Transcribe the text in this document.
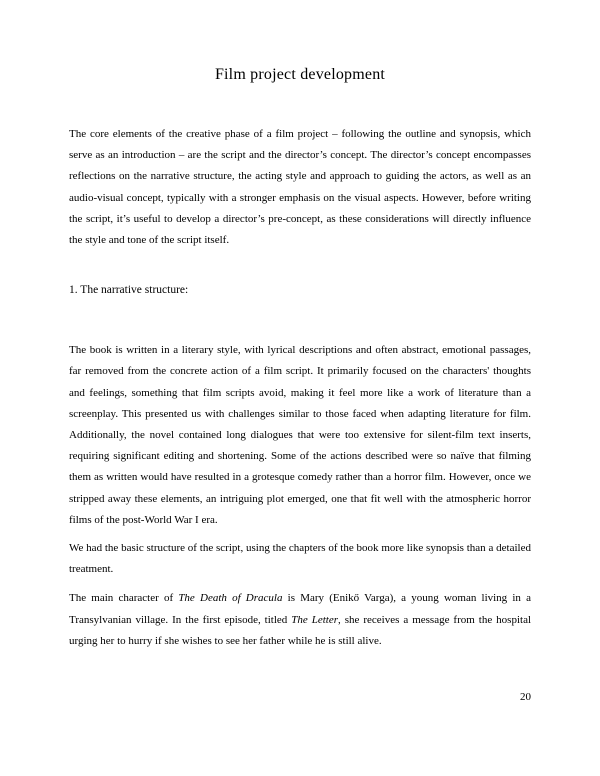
Film project development

The core elements of the creative phase of a film project – following the outline and synopsis, which serve as an introduction – are the script and the director’s concept. The director’s concept encompasses reflections on the narrative structure, the acting style and approach to guiding the actors, as well as an audio-visual concept, typically with a stronger emphasis on the visual aspects. However, before writing the script, it’s useful to develop a director’s pre-concept, as these considerations will directly influence the style and tone of the script itself.

1. The narrative structure:

The book is written in a literary style, with lyrical descriptions and often abstract, emotional passages, far removed from the concrete action of a film script. It primarily focused on the characters' thoughts and feelings, something that film scripts avoid, making it feel more like a work of literature than a screenplay. This presented us with challenges similar to those faced when adapting literature for film. Additionally, the novel contained long dialogues that were too extensive for silent-film text inserts, requiring significant editing and shortening. Some of the actions described were so naïve that filming them as written would have resulted in a grotesque comedy rather than a horror film. However, once we stripped away these elements, an intriguing plot emerged, one that fit well with the atmospheric horror films of the post-World War I era.

We had the basic structure of the script, using the chapters of the book more like synopsis than a detailed treatment.

The main character of The Death of Dracula is Mary (Enikő Varga), a young woman living in a Transylvanian village. In the first episode, titled The Letter, she receives a message from the hospital urging her to hurry if she wishes to see her father while he is still alive.

20
